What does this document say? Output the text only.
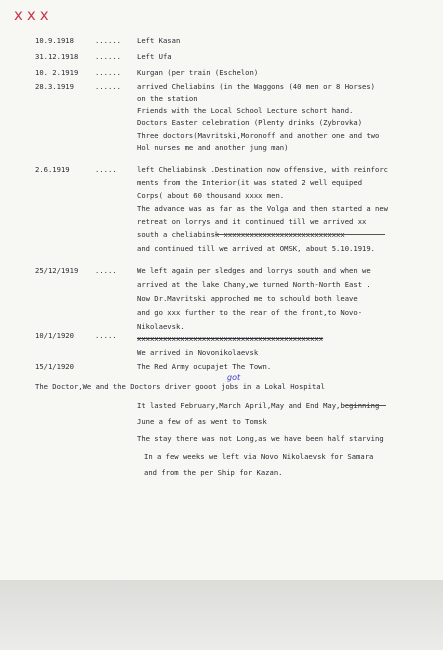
xxx
10.9.1918	...... Left Kasan
31.12.1918 ...... Left Ufa
10. 2.1919 ...... Kurgan (per train (Eschelon)
28.3.1919	...... arrived Cheliabins (in the Waggons (40 men or 8 Horses)
on the station
Friends with the Local School Lecture schort hand.
Doctors Easter celebration (Plenty drinks (Zybrovka)
Three doctors(Mavritski,Moronoff and another one and two
Hol nurses me and another jung man)
2.6.1919	.....	left Cheliabinsk .Destination now offensive, with reinforc
ments from the Interior(it was stated 2 well equiped
Corps( about 60 thousand xxxx men.
The advance was as far as the Volga and then started a new
retreat on lorrys and it continued till we arrived xx
south a cheliabinsk xxxxxxxxxxxxxxxxxxxxxxxxxxxx
and continued till we arrived at OMSK, about 5.10.1919.
25/12/1919 .....	We left again per sledges and lorrys south and when we
arrived at the lake Chany,we turned North-North East .
Now Dr.Mavritski approched me to schould both leave
and go xxx further to the rear of the front,to Novo-
Nikolaevsk.
10/1/1920	.....	xxxxxxxxxxxxxxxxxxxxxxxxxxxxxxxxxxxxxxxxxxx
We arrived in Novonikolaevsk
15/1/1920	The Red Army ocupajet The Town.
The Doctor,We and the Doctors driver gooot jobs in a Lokal Hospital
got
It lasted February,March April,May and End May,beginning
June a few of as went to Tomsk
The stay there was not Long,as we have been half starving
In a few weeks we left via Novo Nikolaevsk for Samara
and from the per Ship for Kazan.
